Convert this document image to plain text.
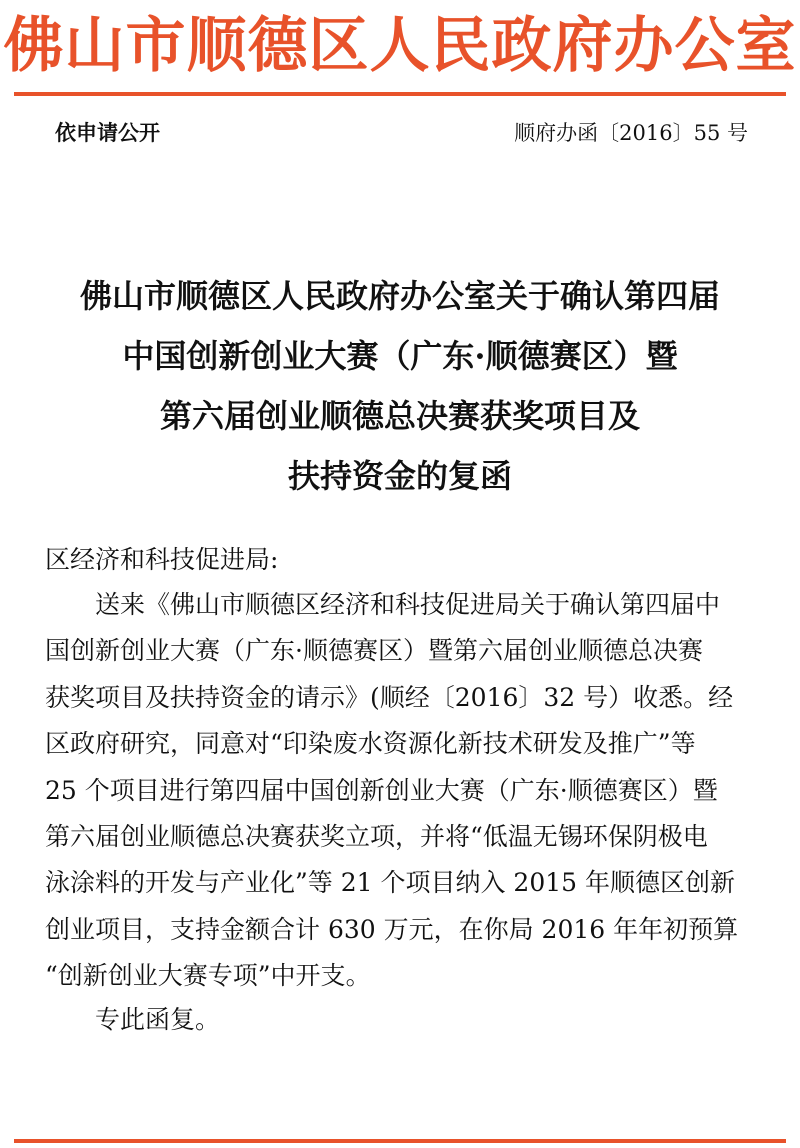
佛山市顺德区人民政府办公室
依申请公开	顺府办函〔2016〕55 号
佛山市顺德区人民政府办公室关于确认第四届
中国创新创业大赛（广东·顺德赛区）暨
第六届创业顺德总决赛获奖项目及
扶持资金的复函
区经济和科技促进局:
送来《佛山市顺德区经济和科技促进局关于确认第四届中
国创新创业大赛（广东·顺德赛区）暨第六届创业顺德总决赛
获奖项目及扶持资金的请示》(顺经〔2016〕32 号）收悉。经
区政府研究，同意对“印染废水资源化新技术研发及推广”等
25 个项目进行第四届中国创新创业大赛（广东·顺德赛区）暨
第六届创业顺德总决赛获奖立项，并将“低温无锡环保阴极电
泳涂料的开发与产业化”等 21 个项目纳入 2015 年顺德区创新
创业项目，支持金额合计 630 万元，在你局 2016 年年初预算
“创新创业大赛专项”中开支。
专此函复。
